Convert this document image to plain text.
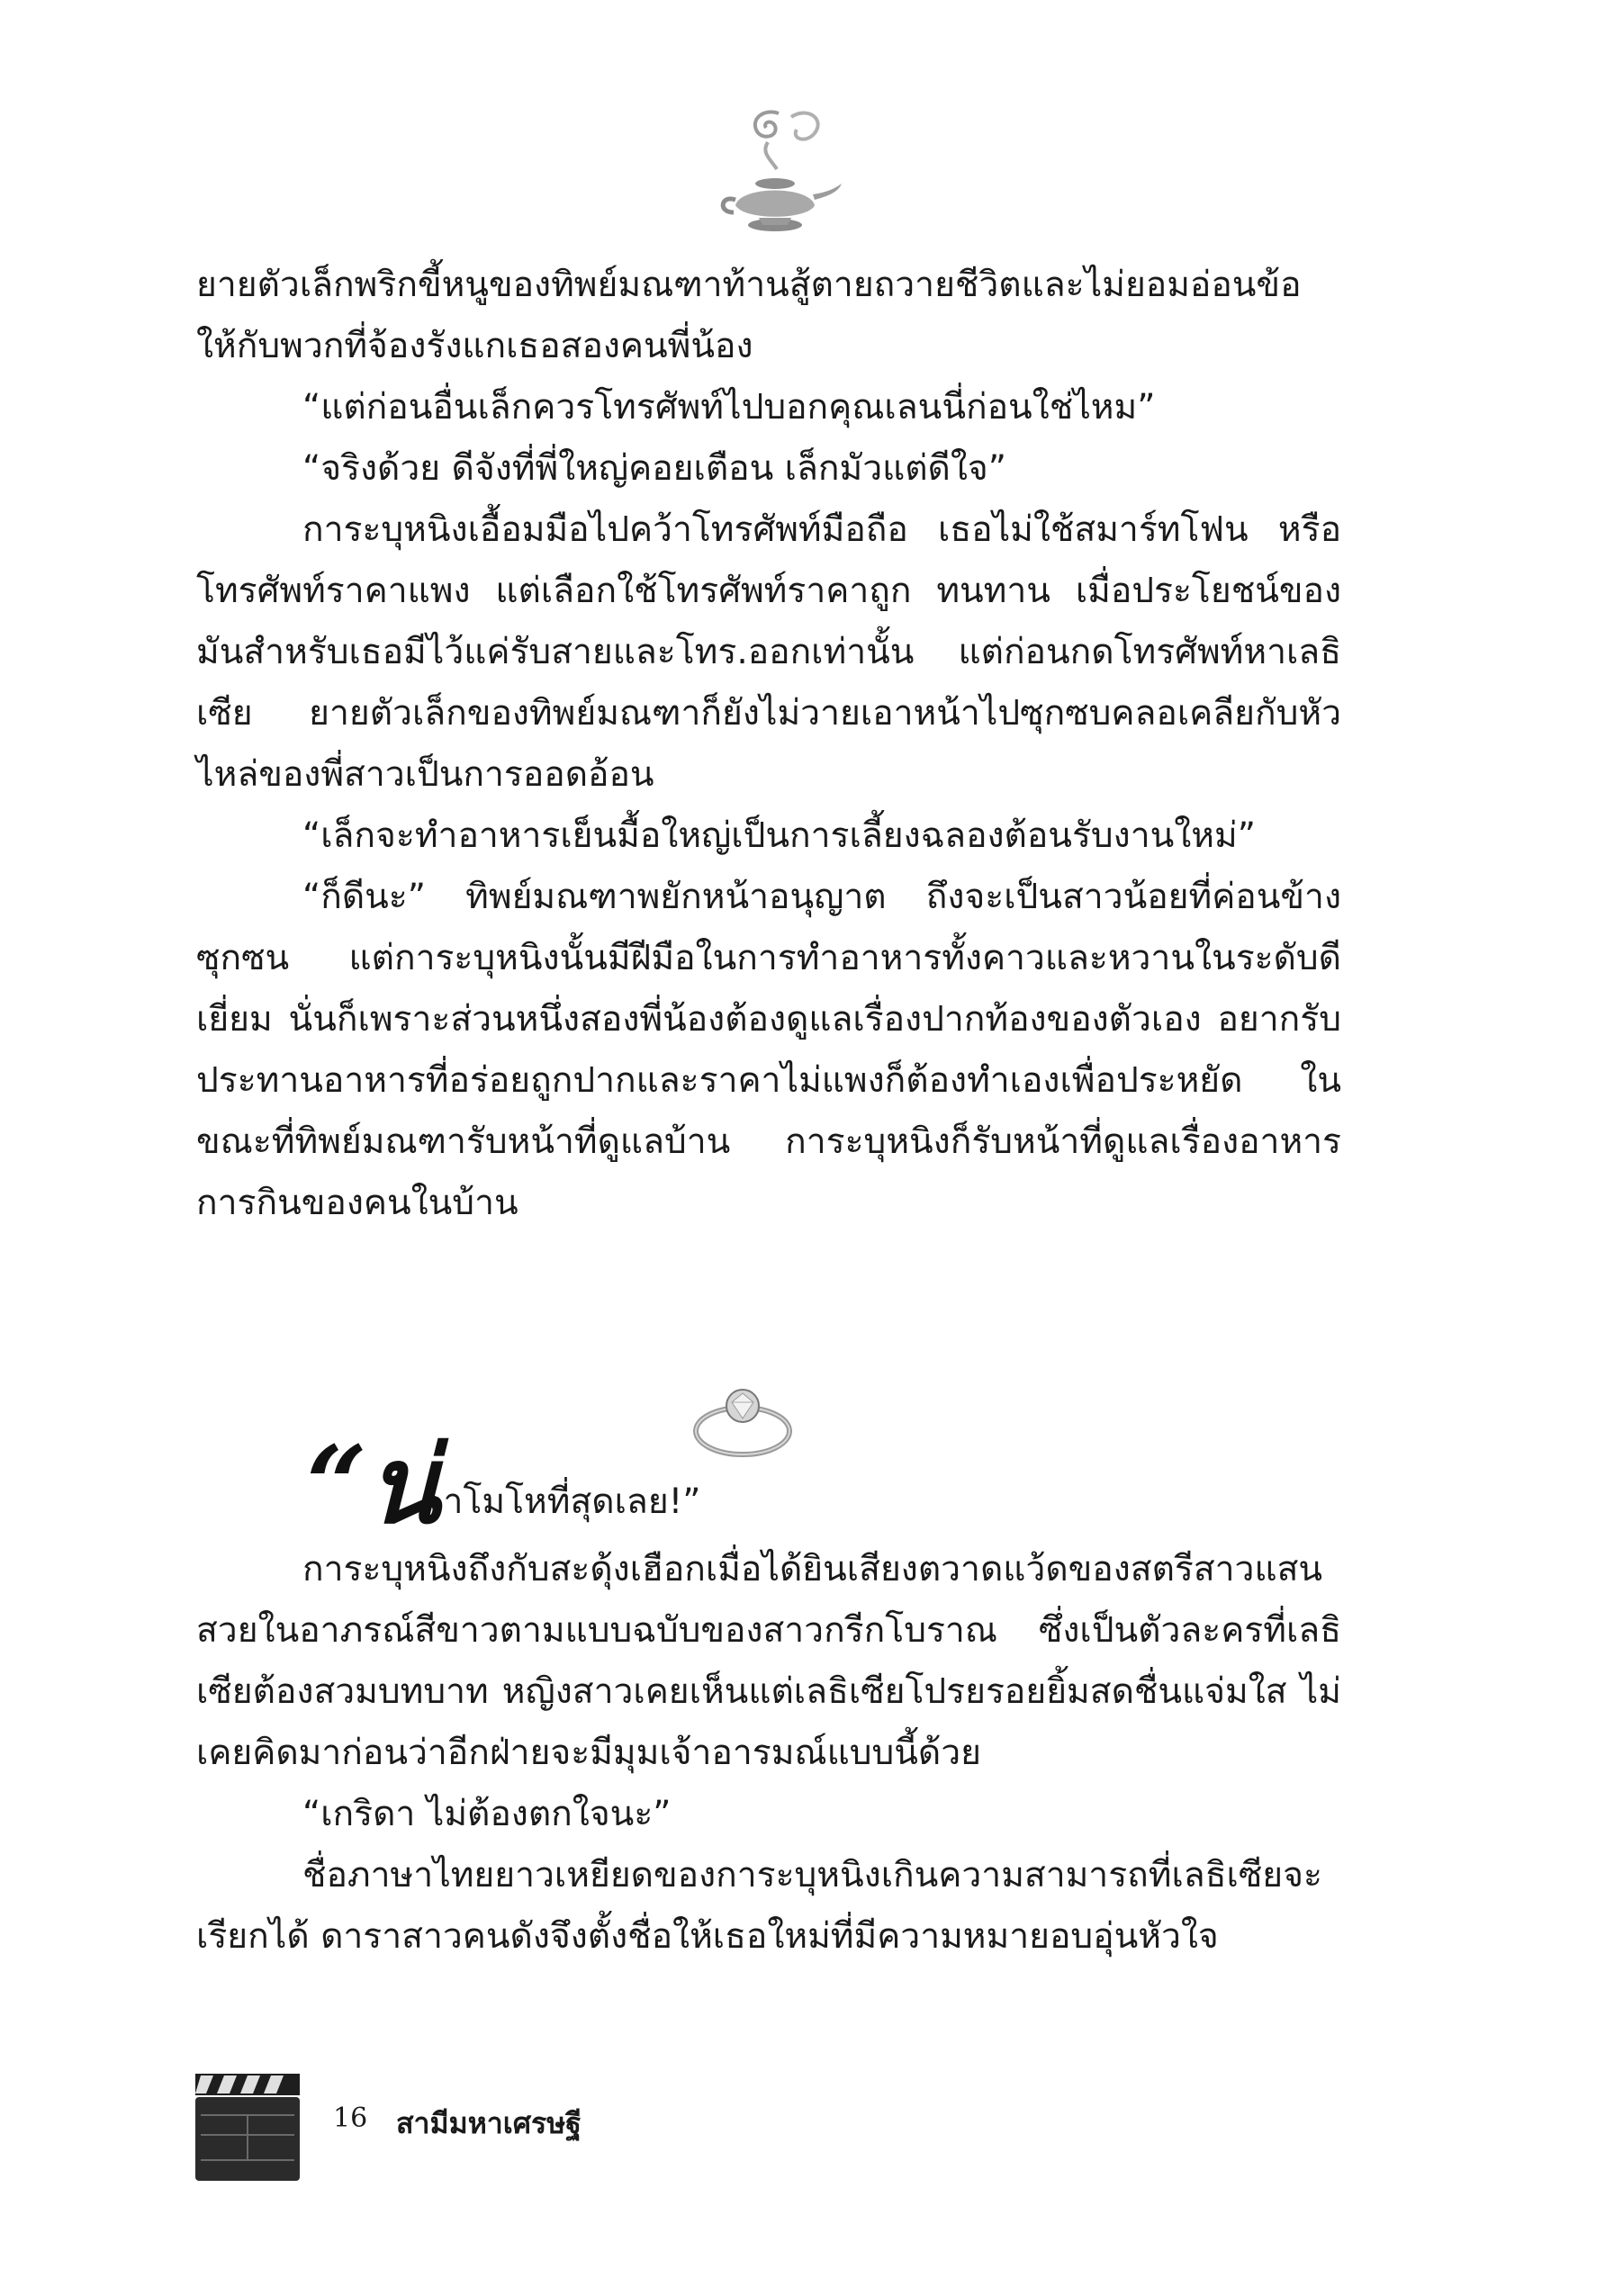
ยายตัวเล็กพริกขี้หนูของทิพย์มณฑาท้านสู้ตายถวายชีวิตและไม่ยอมอ่อนข้อให้กับพวกที่จ้องรังแกเธอสองคนพี่น้อง

“แต่ก่อนอื่นเล็กควรโทรศัพท์ไปบอกคุณเลนนี่ก่อนใช่ไหม”

“จริงด้วย ดีจังที่พี่ใหญ่คอยเตือน เล็กมัวแต่ดีใจ”

การะบุหนิงเอื้อมมือไปคว้าโทรศัพท์มือถือ เธอไม่ใช้สมาร์ทโฟน หรือโทรศัพท์ราคาแพง แต่เลือกใช้โทรศัพท์ราคาถูก ทนทาน เมื่อประโยชน์ของมันสำหรับเธอมีไว้แค่รับสายและโทร.ออกเท่านั้น แต่ก่อนกดโทรศัพท์หาเลธิเซีย ยายตัวเล็กของทิพย์มณฑาก็ยังไม่วายเอาหน้าไปซุกซบคลอเคลียกับหัวไหล่ของพี่สาวเป็นการออดอ้อน

“เล็กจะทำอาหารเย็นมื้อใหญ่เป็นการเลี้ยงฉลองต้อนรับงานใหม่”

“ก็ดีนะ” ทิพย์มณฑาพยักหน้าอนุญาต ถึงจะเป็นสาวน้อยที่ค่อนข้างซุกซน แต่การะบุหนิงนั้นมีฝีมือในการทำอาหารทั้งคาวและหวานในระดับดีเยี่ยม นั่นก็เพราะส่วนหนึ่งสองพี่น้องต้องดูแลเรื่องปากท้องของตัวเอง อยากรับประทานอาหารที่อร่อยถูกปากและราคาไม่แพงก็ต้องทำเองเพื่อประหยัด ในขณะที่ทิพย์มณฑารับหน้าที่ดูแลบ้าน การะบุหนิงก็รับหน้าที่ดูแลเรื่องอาหารการกินของคนในบ้าน

“น่ าโมโหที่สุดเลย!”

การะบุหนิงถึงกับสะดุ้งเฮือกเมื่อได้ยินเสียงตวาดแว้ดของสตรีสาวแสนสวยในอาภรณ์สีขาวตามแบบฉบับของสาวกรีกโบราณ ซึ่งเป็นตัวละครที่เลธิเซียต้องสวมบทบาท หญิงสาวเคยเห็นแต่เลธิเซียโปรยรอยยิ้มสดชื่นแจ่มใส ไม่เคยคิดมาก่อนว่าอีกฝ่ายจะมีมุมเจ้าอารมณ์แบบนี้ด้วย

“เกริดา ไม่ต้องตกใจนะ”

ชื่อภาษาไทยยาวเหยียดของการะบุหนิงเกินความสามารถที่เลธิเซียจะเรียกได้ ดาราสาวคนดังจึงตั้งชื่อให้เธอใหม่ที่มีความหมายอบอุ่นหัวใจ

16 สามีมหาเศรษฐี
